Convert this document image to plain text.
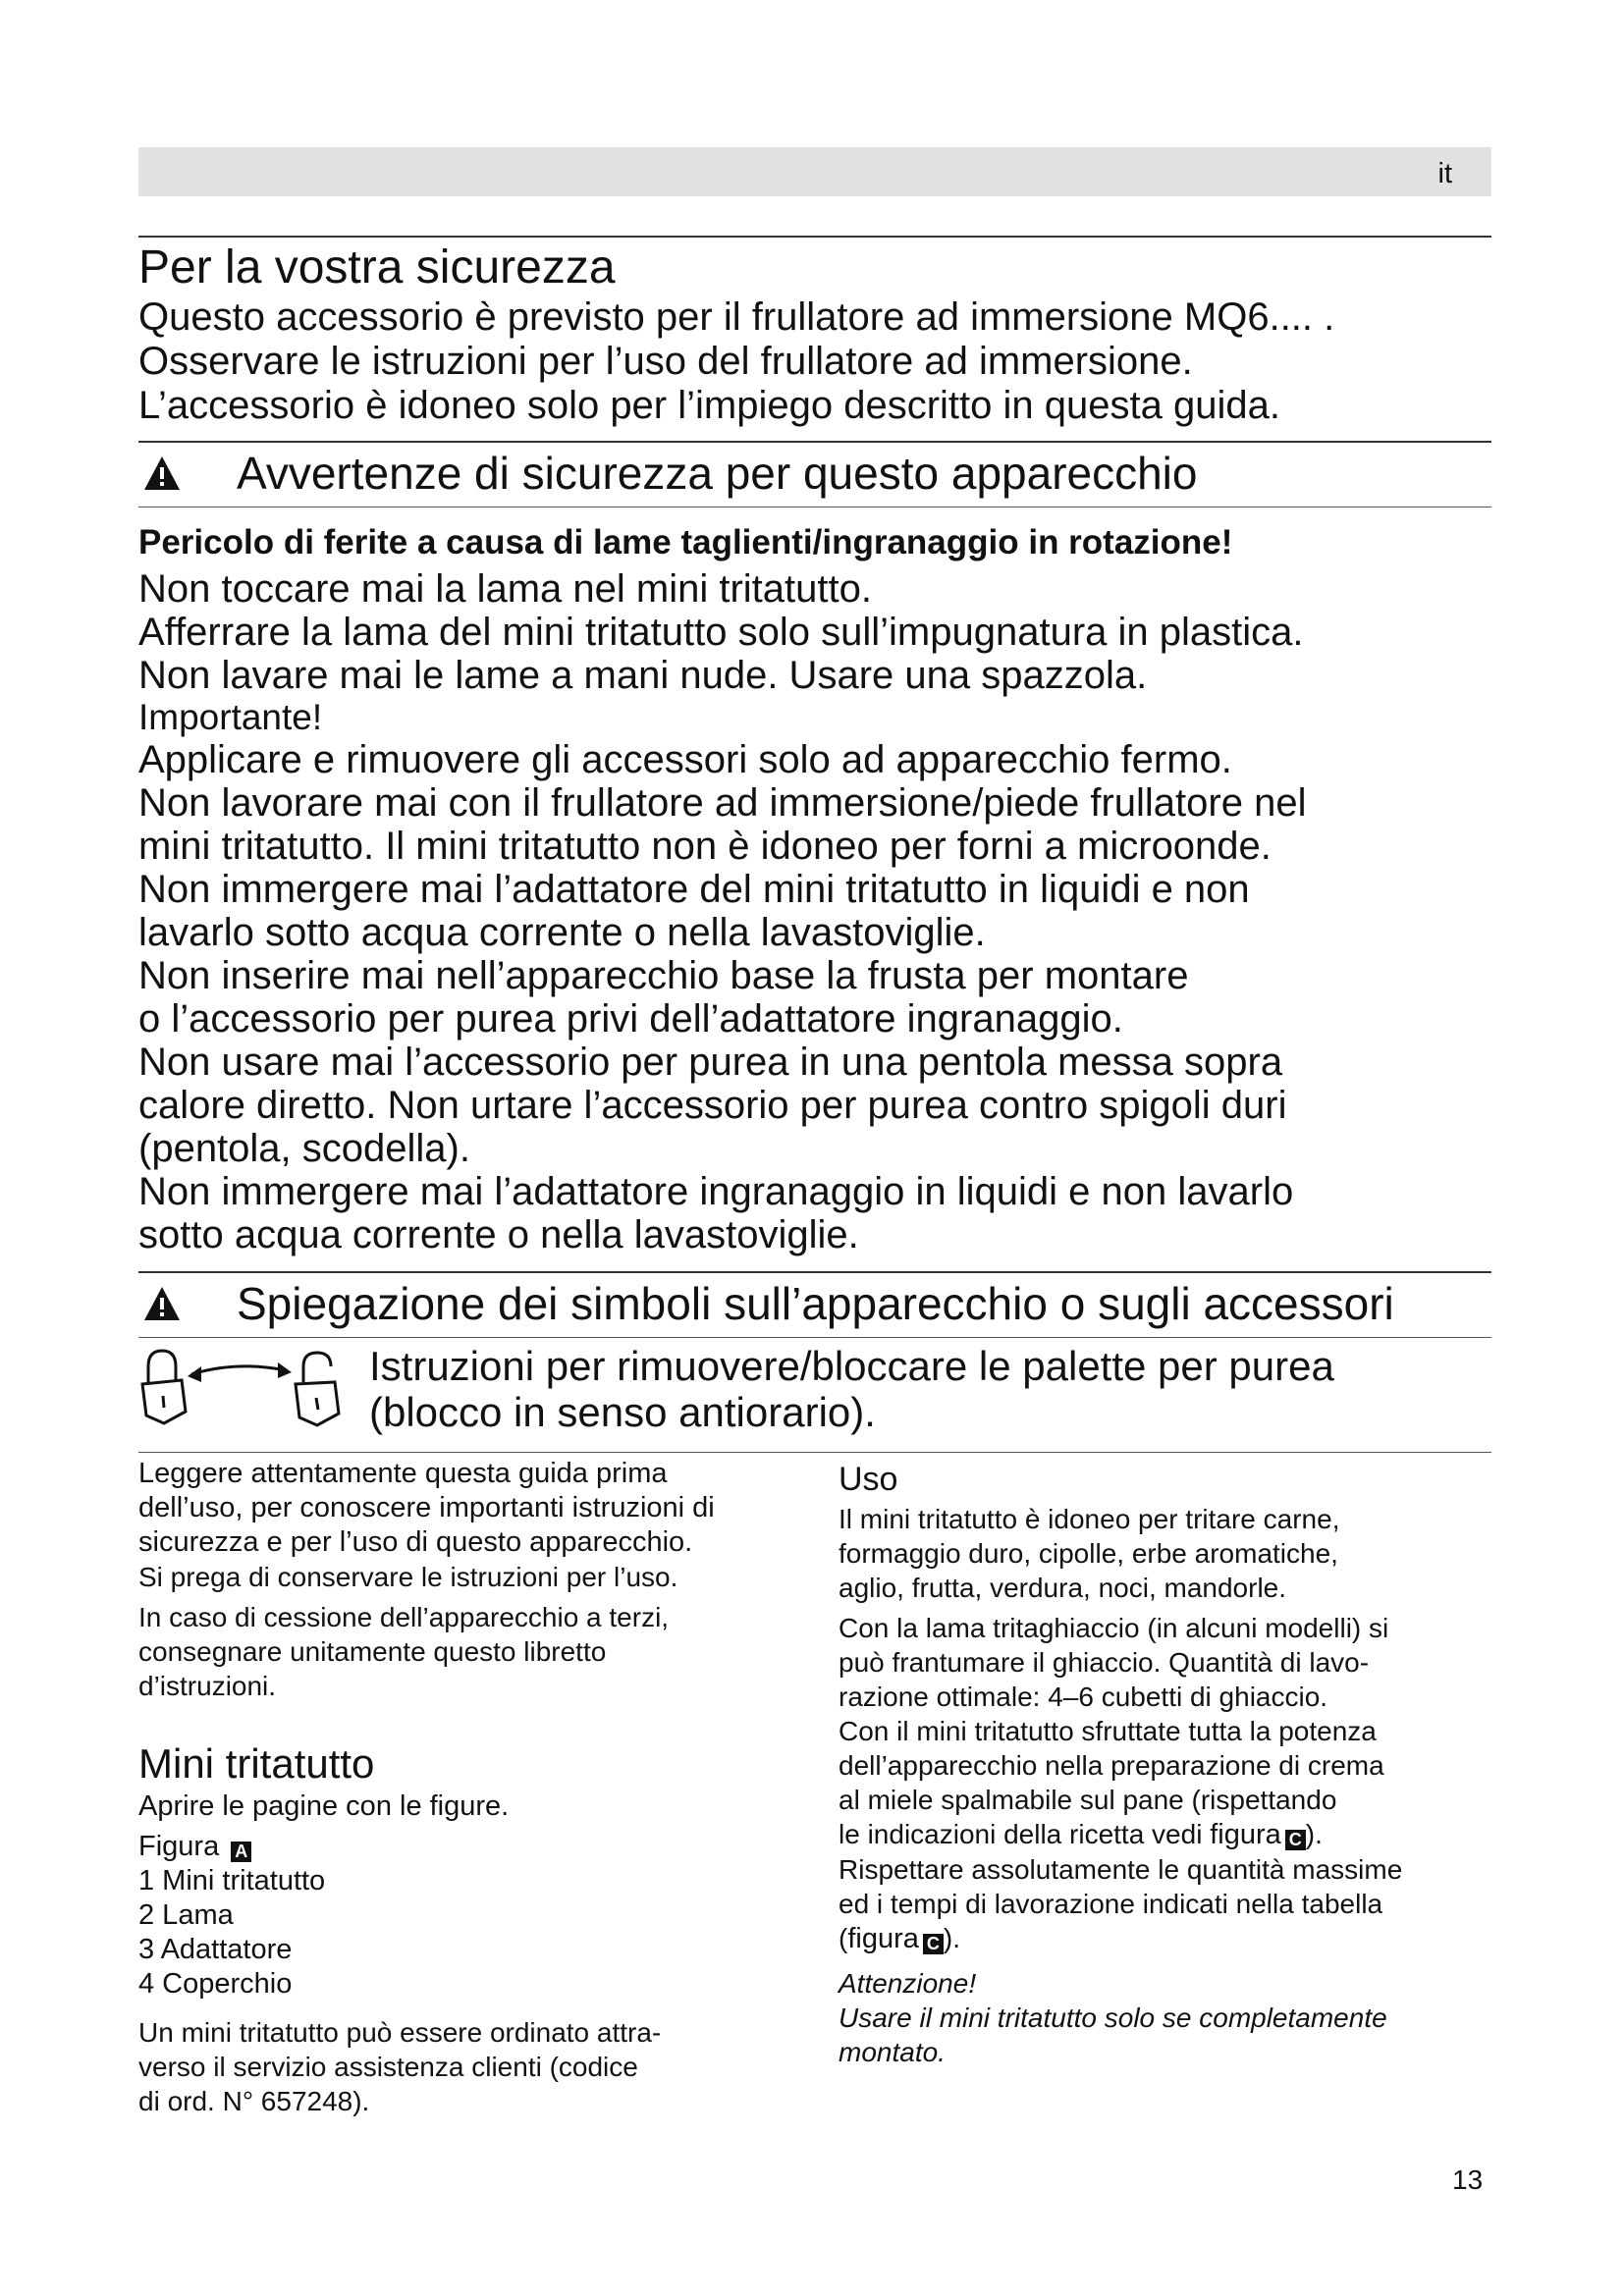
it
Per la vostra sicurezza

Questo accessorio è previsto per il frullatore ad immersione MQ6.... .

Osservare le istruzioni per l’uso del frullatore ad immersione.

L’accessorio è idoneo solo per l’impiego descritto in questa guida.

Avvertenze di sicurezza per questo apparecchio

Pericolo di ferite a causa di lame taglienti/ingranaggio in rotazione!

Non toccare mai la lama nel mini tritatutto.

Afferrare la lama del mini tritatutto solo sull’impugnatura in plastica.

Non lavare mai le lame a mani nude. Usare una spazzola.

Importante!

Applicare e rimuovere gli accessori solo ad apparecchio fermo.

Non lavorare mai con il frullatore ad immersione/piede frullatore nel

mini tritatutto. Il mini tritatutto non è idoneo per forni a microonde.

Non immergere mai l’adattatore del mini tritatutto in liquidi e non

lavarlo sotto acqua corrente o nella lavastoviglie.

Non inserire mai nell’apparecchio base la frusta per montare

o l’accessorio per purea privi dell’adattatore ingranaggio.

Non usare mai l’accessorio per purea in una pentola messa sopra

calore diretto. Non urtare l’accessorio per purea contro spigoli duri

(pentola, scodella).

Non immergere mai l’adattatore ingranaggio in liquidi e non lavarlo

sotto acqua corrente o nella lavastoviglie.

Spiegazione dei simboli sull’apparecchio o sugli accessori
Istruzioni per rimuovere/bloccare le palette per purea
(blocco in senso antiorario).

Leggere attentamente questa guida prima

dell’uso, per conoscere importanti istruzioni di

sicurezza e per l’uso di questo apparecchio.

Si prega di conservare le istruzioni per l’uso.

In caso di cessione dell’apparecchio a terzi,

consegnare unitamente questo libretto

d’istruzioni.

Mini tritatutto

Aprire le pagine con le figure.

Figura A

1 Mini tritatutto

2 Lama

3 Adattatore

4 Coperchio

Un mini tritatutto può essere ordinato attra-

verso il servizio assistenza clienti (codice

di ord. N° 657248).

Uso

Il mini tritatutto è idoneo per tritare carne,

formaggio duro, cipolle, erbe aromatiche,

aglio, frutta, verdura, noci, mandorle.

Con la lama tritaghiaccio (in alcuni modelli) si

può frantumare il ghiaccio. Quantità di lavo-

razione ottimale: 4–6 cubetti di ghiaccio.

Con il mini tritatutto sfruttate tutta la potenza

dell’apparecchio nella preparazione di crema

al miele spalmabile sul pane (rispettando

le indicazioni della ricetta vedi figura C ).

Rispettare assolutamente le quantità massime

ed i tempi di lavorazione indicati nella tabella

(figura C ).

Attenzione!

Usare il mini tritatutto solo se completamente

montato.

13
